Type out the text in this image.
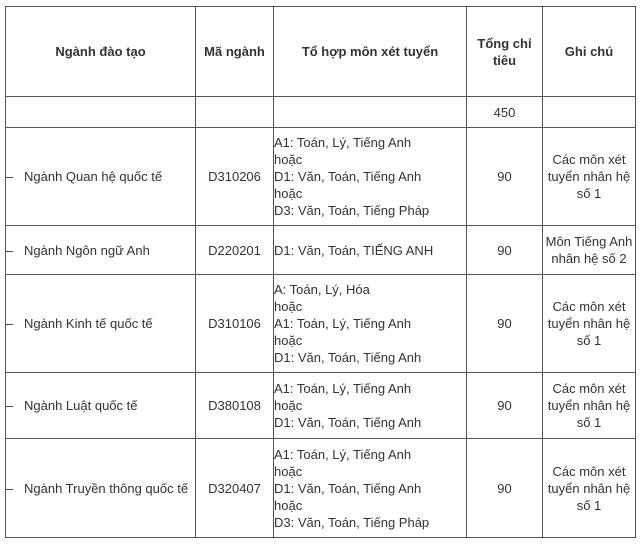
Ngành đào tạo	Mã ngành	Tổ hợp môn xét tuyển	Tổng chỉ
tiêu	Ghi chú
			450	
– Ngành Quan hệ quốc tế	D310206	A1: Toán, Lý, Tiếng Anh
hoặc
D1: Văn, Toán, Tiếng Anh
hoặc
D3: Văn, Toán, Tiếng Pháp	90	Các môn xét
tuyển nhân hệ
số 1

– Ngành Ngôn ngữ Anh	D220201	D1: Văn, Toán, TIẾNG ANH	90	Môn Tiếng Anh
nhân hệ số 2

– Ngành Kinh tế quốc tế	D310106	A: Toán, Lý, Hóa
hoặc
A1: Toán, Lý, Tiếng Anh
hoặc
D1: Văn, Toán, Tiếng Anh	90	Các môn xét
tuyển nhân hệ
số 1

– Ngành Luật quốc tế	D380108	A1: Toán, Lý, Tiếng Anh
hoặc
D1: Văn, Toán, Tiếng Anh	90	Các môn xét
tuyển nhân hệ
số 1

– Ngành Truyền thông quốc tế	D320407	A1: Toán, Lý, Tiếng Anh
hoặc
D1: Văn, Toán, Tiếng Anh
hoặc
D3: Văn, Toán, Tiếng Pháp	90	Các môn xét
tuyển nhân hệ
số 1
